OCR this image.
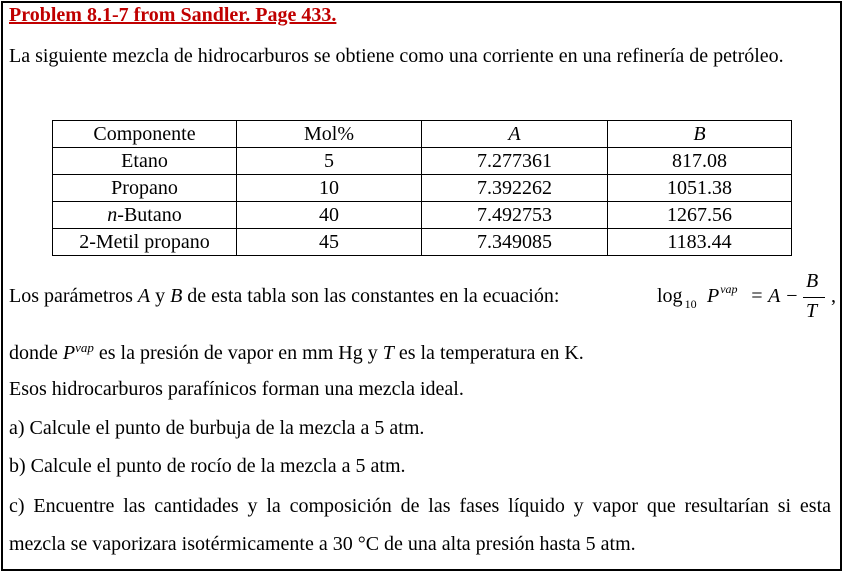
Problem 8.1-7 from Sandler. Page 433.
La siguiente mezcla de hidrocarburos se obtiene como una corriente en una refinería de petróleo.
Componente	Mol%	A	B
Etano	5	7.277361	817.08
Propano	10	7.392262	1051.38
n-Butano	40	7.492753	1267.56
2-Metil propano	45	7.349085	1183.44
Los parámetros A y B de esta tabla son las constantes en la ecuación:	log $_{10}$ $P^{vap} = A$ −
B
T
,
donde $P^{vap}$ es la presión de vapor en mm Hg y T es la temperatura en K.
Esos hidrocarburos parafínicos forman una mezcla ideal.
a) Calcule el punto de burbuja de la mezcla a 5 atm.
b) Calcule el punto de rocío de la mezcla a 5 atm.
c) Encuentre las cantidades y la composición de las fases líquido y vapor que resultarían si esta mezcla se vaporizara isotérmicamente a 30 °C de una alta presión hasta 5 atm.
